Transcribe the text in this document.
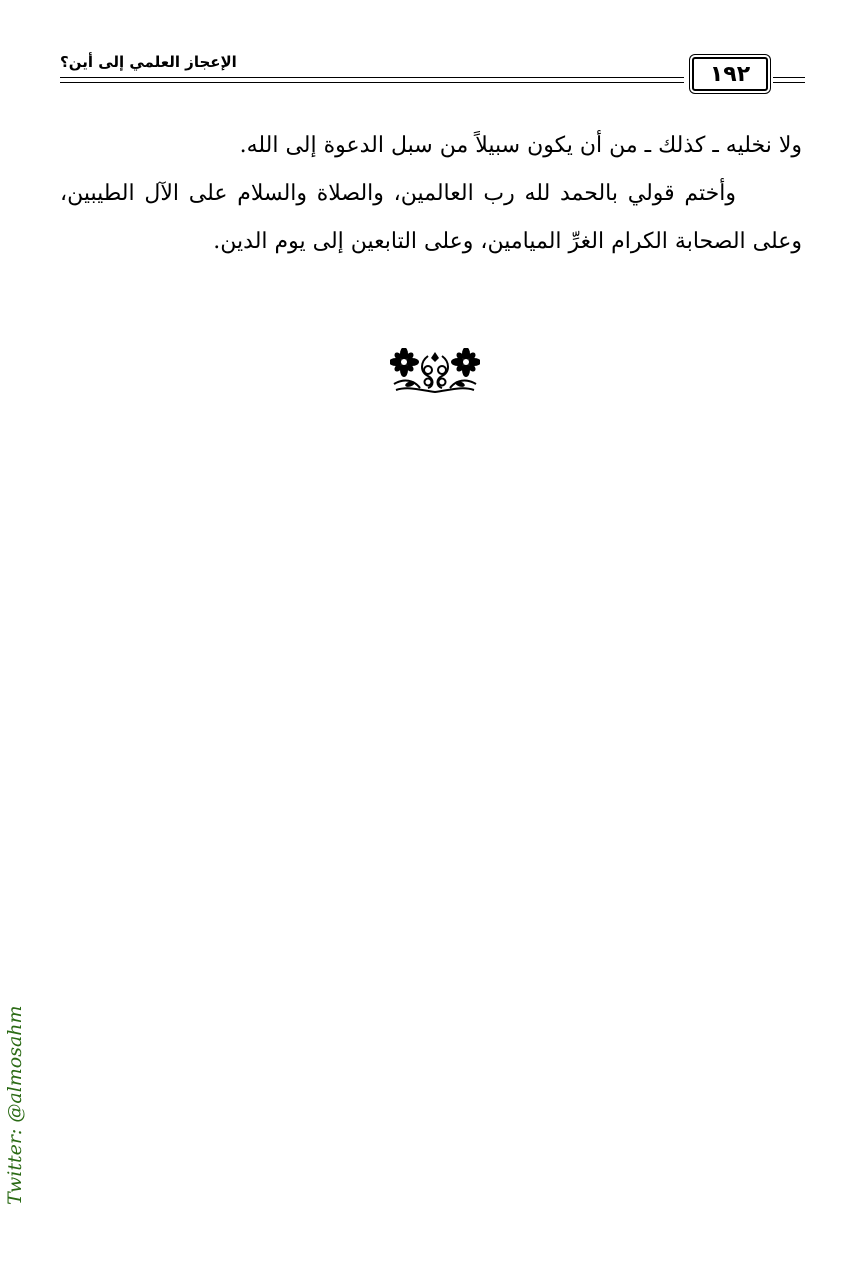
الإعجاز العلمي إلى أين؟	١٩٢

ولا نخليه ـ كذلك ـ من أن يكون سبيلاً من سبل الدعوة إلى الله.

وأختم قولي بالحمد لله رب العالمين، والصلاة والسلام على الآل الطيبين، وعلى الصحابة الكرام الغرِّ الميامين، وعلى التابعين إلى يوم الدين.

Twitter: @almosahm
